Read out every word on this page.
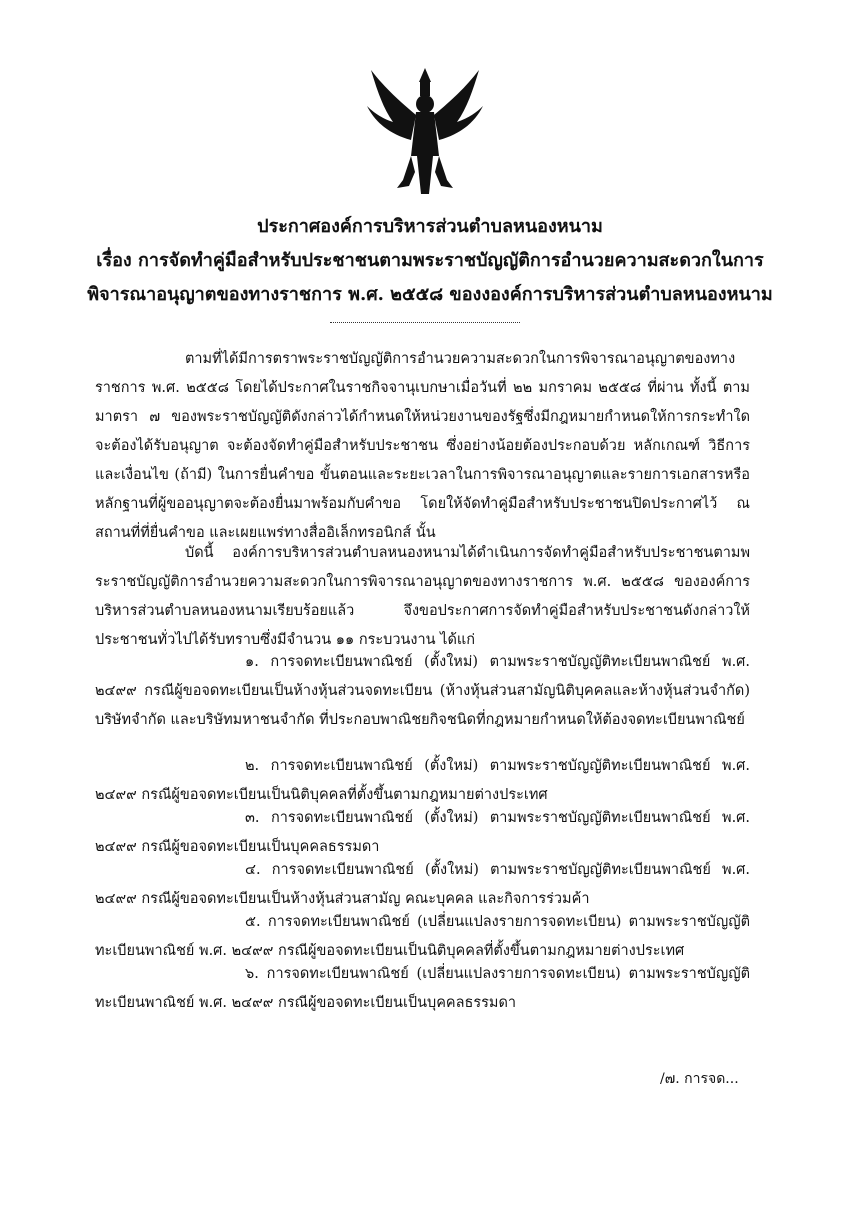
ประกาศองค์การบริหารส่วนตำบลหนองหนาม
เรื่อง การจัดทำคู่มือสำหรับประชาชนตามพระราชบัญญัติการอำนวยความสะดวกในการ
พิจารณาอนุญาตของทางราชการ พ.ศ. ๒๕๕๘ ของงองค์การบริหารส่วนตำบลหนองหนาม
ตามที่ได้มีการตราพระราชบัญญัติการอำนวยความสะดวกในการพิจารณาอนุญาตของทางราชการ พ.ศ. ๒๕๕๘ โดยได้ประกาศในราชกิจจานุเบกษาเมื่อวันที่ ๒๒ มกราคม ๒๕๕๘ ที่ผ่าน ทั้งนี้ ตามมาตรา ๗ ของพระราชบัญญัติดังกล่าวได้กำหนดให้หน่วยงานของรัฐซึ่งมีกฎหมายกำหนดให้การกระทำใดจะต้องได้รับอนุญาต จะต้องจัดทำคู่มือสำหรับประชาชน ซึ่งอย่างน้อยต้องประกอบด้วย หลักเกณฑ์ วิธีการ และเงื่อนไข (ถ้ามี) ในการยื่นคำขอ ขั้นตอนและระยะเวลาในการพิจารณาอนุญาตและรายการเอกสารหรือหลักฐานที่ผู้ขออนุญาตจะต้องยื่นมาพร้อมกับคำขอ โดยให้จัดทำคู่มือสำหรับประชาชนปิดประกาศไว้ ณ สถานที่ที่ยื่นคำขอ และเผยแพร่ทางสื่ออิเล็กทรอนิกส์ นั้น
บัดนี้ องค์การบริหารส่วนตำบลหนองหนามได้ดำเนินการจัดทำคู่มือสำหรับประชาชนตามพระราชบัญญัติการอำนวยความสะดวกในการพิจารณาอนุญาตของทางราชการ พ.ศ. ๒๕๕๘ ขององค์การบริหารส่วนตำบลหนองหนามเรียบร้อยแล้ว จึงขอประกาศการจัดทำคู่มือสำหรับประชาชนดังกล่าวให้ประชาชนทั่วไปได้รับทราบซึ่งมีจำนวน ๑๑ กระบวนงาน ได้แก่
๑. การจดทะเบียนพาณิชย์ (ตั้งใหม่) ตามพระราชบัญญัติทะเบียนพาณิชย์ พ.ศ. ๒๔๙๙ กรณีผู้ขอจดทะเบียนเป็นห้างหุ้นส่วนจดทะเบียน (ห้างหุ้นส่วนสามัญนิติบุคคลและห้างหุ้นส่วนจำกัด) บริษัทจำกัด และบริษัทมหาชนจำกัด ที่ประกอบพาณิชยกิจชนิดที่กฎหมายกำหนดให้ต้องจดทะเบียนพาณิชย์
๒. การจดทะเบียนพาณิชย์ (ตั้งใหม่) ตามพระราชบัญญัติทะเบียนพาณิชย์ พ.ศ. ๒๔๙๙ กรณีผู้ขอจดทะเบียนเป็นนิติบุคคลที่ตั้งขึ้นตามกฎหมายต่างประเทศ
๓. การจดทะเบียนพาณิชย์ (ตั้งใหม่) ตามพระราชบัญญัติทะเบียนพาณิชย์ พ.ศ. ๒๔๙๙ กรณีผู้ขอจดทะเบียนเป็นบุคคลธรรมดา
๔. การจดทะเบียนพาณิชย์ (ตั้งใหม่) ตามพระราชบัญญัติทะเบียนพาณิชย์ พ.ศ. ๒๔๙๙ กรณีผู้ขอจดทะเบียนเป็นห้างหุ้นส่วนสามัญ คณะบุคคล และกิจการร่วมค้า
๕. การจดทะเบียนพาณิชย์ (เปลี่ยนแปลงรายการจดทะเบียน) ตามพระราชบัญญัติทะเบียนพาณิชย์ พ.ศ. ๒๔๙๙ กรณีผู้ขอจดทะเบียนเป็นนิติบุคคลที่ตั้งขึ้นตามกฎหมายต่างประเทศ
๖. การจดทะเบียนพาณิชย์ (เปลี่ยนแปลงรายการจดทะเบียน) ตามพระราชบัญญัติทะเบียนพาณิชย์ พ.ศ. ๒๔๙๙ กรณีผู้ขอจดทะเบียนเป็นบุคคลธรรมดา
/๗. การจด...
